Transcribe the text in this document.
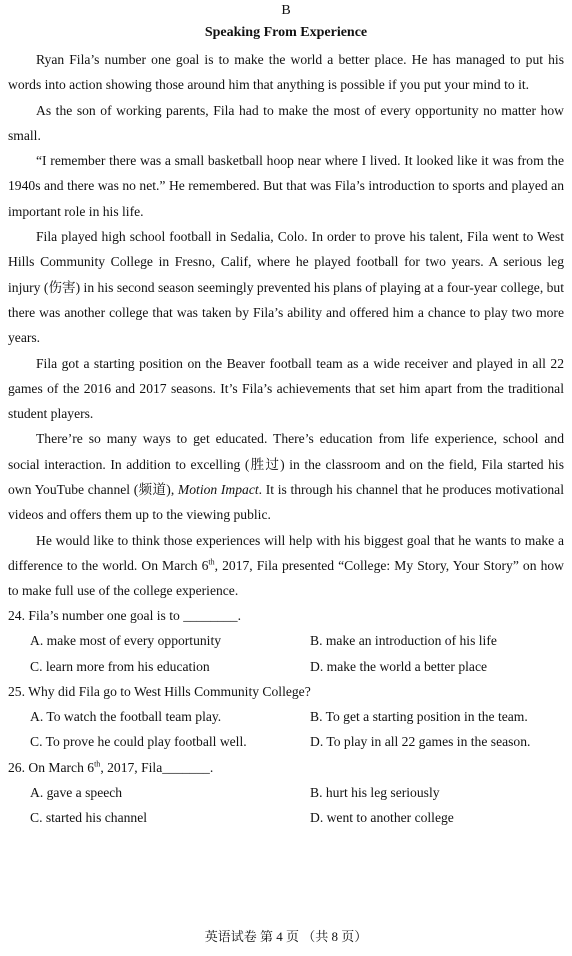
B
Speaking From Experience

Ryan Fila’s number one goal is to make the world a better place. He has managed to put his words into action showing those around him that anything is possible if you put your mind to it.

As the son of working parents, Fila had to make the most of every opportunity no matter how small.

“I remember there was a small basketball hoop near where I lived. It looked like it was from the 1940s and there was no net.” He remembered. But that was Fila’s introduction to sports and played an important role in his life.

Fila played high school football in Sedalia, Colo. In order to prove his talent, Fila went to West Hills Community College in Fresno, Calif, where he played football for two years. A serious leg injury (伤害) in his second season seemingly prevented his plans of playing at a four-year college, but there was another college that was taken by Fila’s ability and offered him a chance to play two more years.

Fila got a starting position on the Beaver football team as a wide receiver and played in all 22 games of the 2016 and 2017 seasons. It’s Fila’s achievements that set him apart from the traditional student players.

There’re so many ways to get educated. There’s education from life experience, school and social interaction. In addition to excelling (胜过) in the classroom and on the field, Fila started his own YouTube channel (频道), Motion Impact. It is through his channel that he produces motivational videos and offers them up to the viewing public.

He would like to think those experiences will help with his biggest goal that he wants to make a difference to the world. On March 6th, 2017, Fila presented “College: My Story, Your Story” on how to make full use of the college experience.

24. Fila’s number one goal is to ________.
A. make most of every opportunity	B. make an introduction of his life
C. learn more from his education	D. make the world a better place
25. Why did Fila go to West Hills Community College?
A. To watch the football team play.	B. To get a starting position in the team.
C. To prove he could play football well.	D. To play in all 22 games in the season.
26. On March 6th, 2017, Fila_______.
A. gave a speech	B. hurt his leg seriously
C. started his channel	D. went to another college
英语试卷 第 4 页 （共 8 页）
